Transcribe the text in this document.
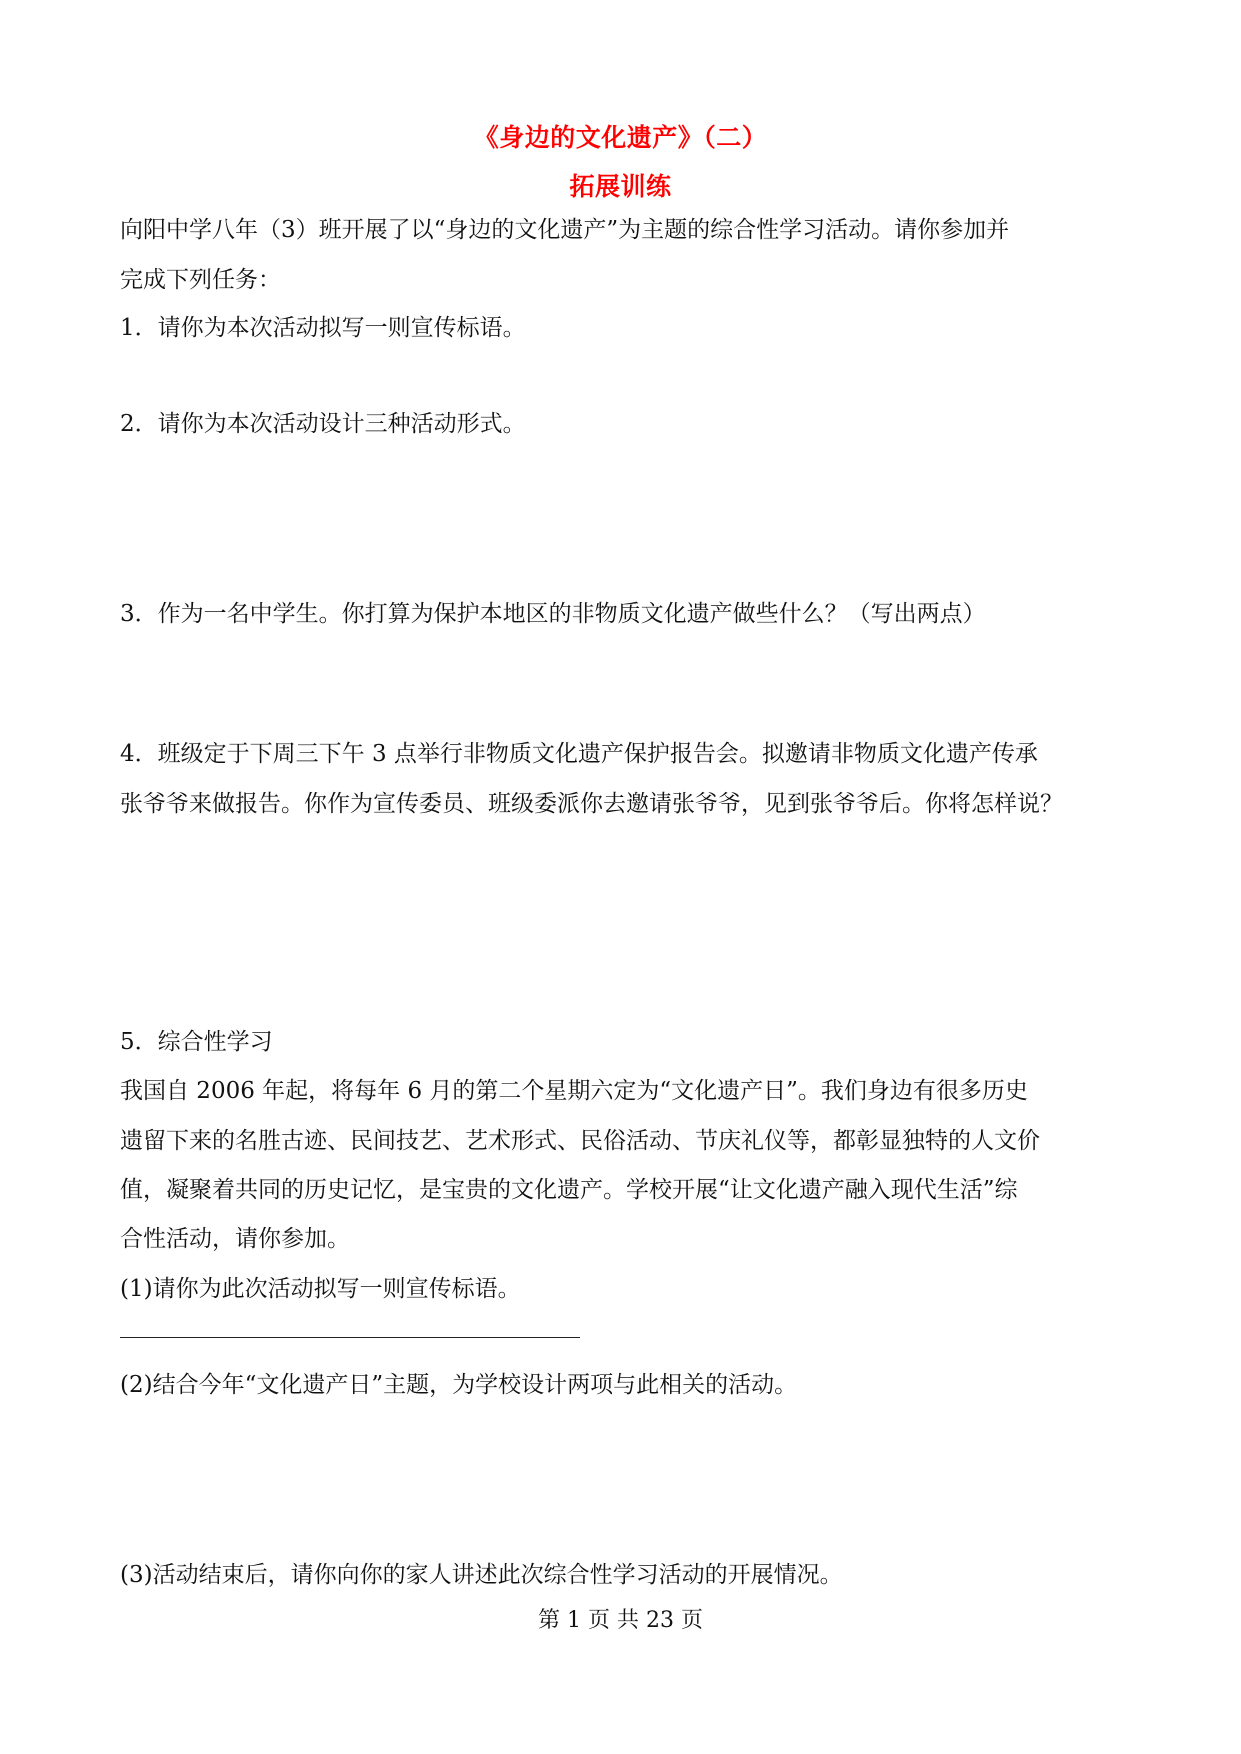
《身边的文化遗产》（二）
拓展训练
向阳中学八年（3）班开展了以“身边的文化遗产”为主题的综合性学习活动。请你参加并
完成下列任务：
1．请你为本次活动拟写一则宣传标语。
2．请你为本次活动设计三种活动形式。
3．作为一名中学生。你打算为保护本地区的非物质文化遗产做些什么？（写出两点）
4．班级定于下周三下午 3 点举行非物质文化遗产保护报告会。拟邀请非物质文化遗产传承
张爷爷来做报告。你作为宣传委员、班级委派你去邀请张爷爷，见到张爷爷后。你将怎样说？
5．综合性学习
我国自 2006 年起，将每年 6 月的第二个星期六定为“文化遗产日”。我们身边有很多历史
遗留下来的名胜古迹、民间技艺、艺术形式、民俗活动、节庆礼仪等，都彰显独特的人文价
值，凝聚着共同的历史记忆，是宝贵的文化遗产。学校开展“让文化遗产融入现代生活”综
合性活动，请你参加。
(1)请你为此次活动拟写一则宣传标语。
(2)结合今年“文化遗产日”主题，为学校设计两项与此相关的活动。
(3)活动结束后，请你向你的家人讲述此次综合性学习活动的开展情况。
第 1 页 共 23 页
